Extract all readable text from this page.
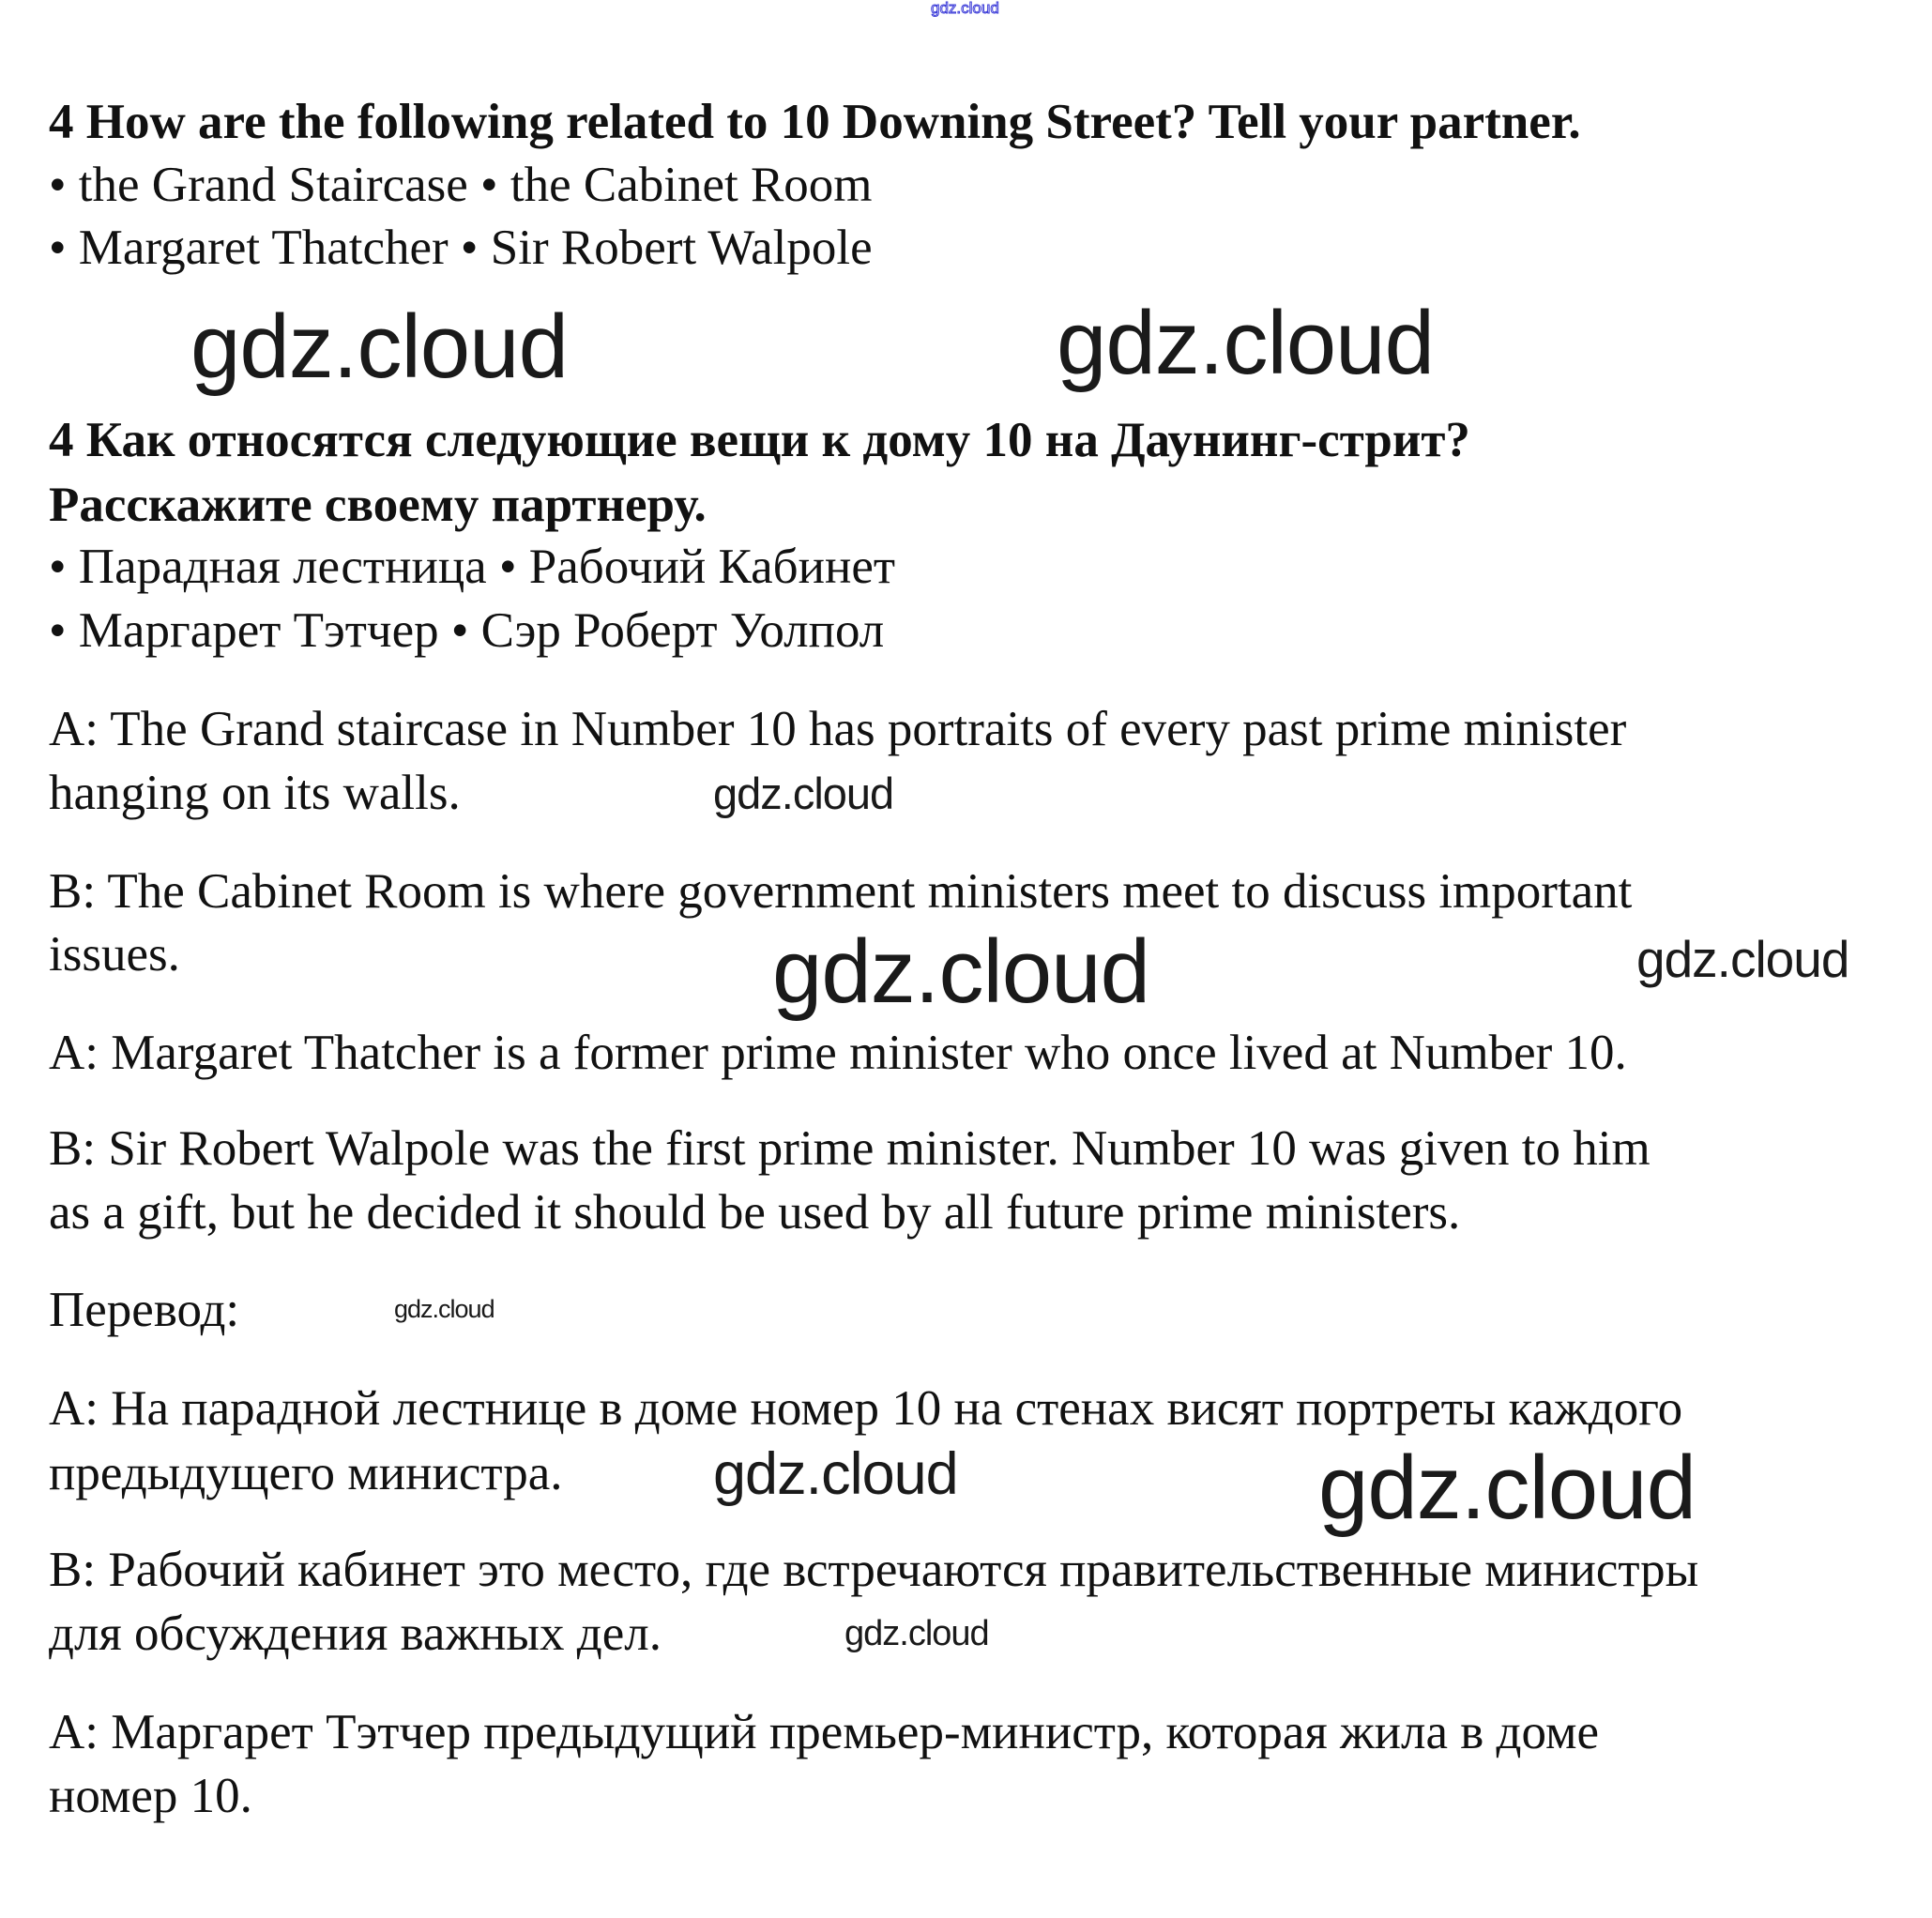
gdz.cloud
4 How are the following related to 10 Downing Street? Tell your partner.
• the Grand Staircase • the Cabinet Room
• Margaret Thatcher • Sir Robert Walpole
4 Как относятся следующие вещи к дому 10 на Даунинг-стрит?
Расскажите своему партнеру.
• Парадная лестница • Рабочий Кабинет
• Маргарет Тэтчер • Сэр Роберт Уолпол
A: The Grand staircase in Number 10 has portraits of every past prime minister
hanging on its walls.
B: The Cabinet Room is where government ministers meet to discuss important
issues.
A: Margaret Thatcher is a former prime minister who once lived at Number 10.
B: Sir Robert Walpole was the first prime minister. Number 10 was given to him
as a gift, but he decided it should be used by all future prime ministers.
Перевод:
A: На парадной лестнице в доме номер 10 на стенах висят портреты каждого
предыдущего министра.
B: Рабочий кабинет это место, где встречаются правительственные министры
для обсуждения важных дел.
A: Маргарет Тэтчер предыдущий премьер-министр, которая жила в доме
номер 10.
gdz.cloud	gdz.cloud
gdz.cloud	gdz.cloud
gdz.cloud
gdz.cloud
gdz.cloud	gdz.cloud
gdz.cloud
